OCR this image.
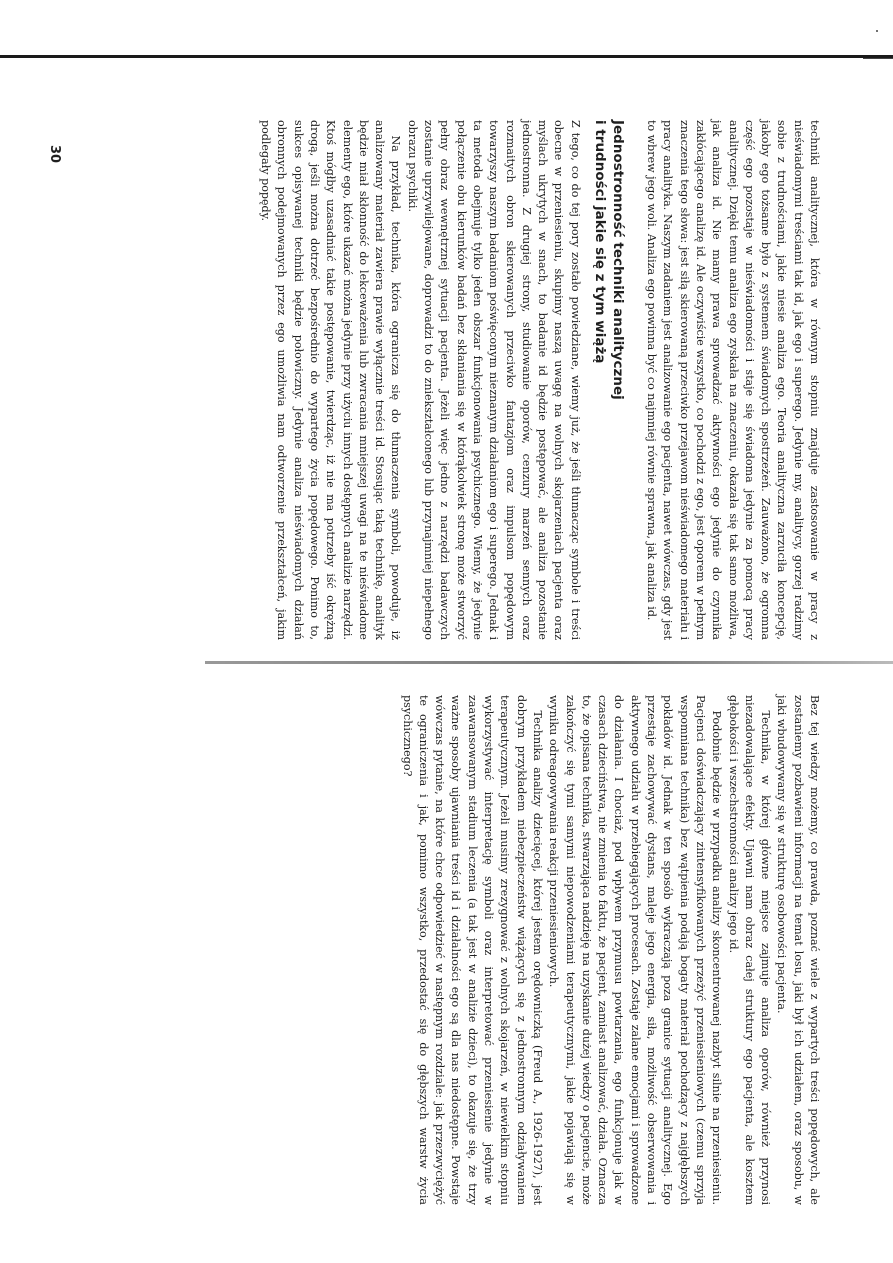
techniki analitycznej, która w równym stopniu znajduje zastosowanie w pracy z nieświadomymi treściami tak id, jak ego i superego. Jedynie my, analitycy, gorzej radzimy sobie z trudnościami, jakie niesie analiza ego. Teoria analityczna zarzuciła koncepcję, jakoby ego tożsame było z systemem świadomych spostrzeżeń. Zauważono, że ogromna część ego pozostaje w nieświadomości i staje się świadoma jedynie za pomocą pracy analitycznej. Dzięki temu analiza ego zyskała na znaczeniu, okazała się tak samo możliwa, jak analiza id. Nie mamy prawa sprowadzać aktywności ego jedynie do czynnika zakłócającego analizę id. Ale oczywiście wszystko, co pochodzi z ego, jest oporem w pełnym znaczenia tego słowa: jest siłą skierowaną przeciwko przejawom nieświadomego materiału i pracy analityka. Naszym zadaniem jest analizowanie ego pacjenta, nawet wówczas, gdy jest to wbrew jego woli. Analiza ego powinna być co najmniej równie sprawna, jak analiza id.

Jednostronność techniki analitycznej
i trudności jakie się z tym wiążą

Z tego, co do tej pory zostało powiedziane, wiemy już, że jeśli tłumacząc symbole i treści obecne w przeniesieniu, skupimy naszą uwagę na wolnych skojarzeniach pacjenta oraz myślach ukrytych w snach, to badanie id będzie postępować, ale analiza pozostanie jednostronna. Z drugiej strony, studiowanie oporów, cenzury marzeń sennych oraz rozmaitych obron skierowanych przeciwko fantazjom oraz impulsom popędowym towarzyszy naszym badaniom poświęconym nieznanym działaniom ego i superego. Jednak i ta metoda obejmuje tylko jeden obszar funkcjonowania psychicznego. Wiemy, że jedynie połączenie obu kierunków badań bez skłaniania się w którąkolwiek stronę może stworzyć pełny obraz wewnętrznej sytuacji pacjenta. Jeżeli więc jedno z narzędzi badawczych zostanie uprzywilejowane, doprowadzi to do zniekształconego lub przynajmniej niepełnego obrazu psychiki.

Na przykład, technika, która ogranicza się do tłumaczenia symboli, powoduje, iż analizowany materiał zawiera prawie wyłącznie treści id. Stosując taką technikę, analityk będzie miał skłonność do lekceważenia lub zwracania mniejszej uwagi na te nieświadome elementy ego, które ukazać można jedynie przy użyciu innych dostępnych analizie narzędzi. Ktoś mógłby uzasadniać takie postępowanie, twierdząc, iż nie ma potrzeby iść okrężną drogą, jeśli można dotrzeć bezpośrednio do wypartego życia popędowego. Ponimo to, sukces opisywanej techniki będzie połowiczny. Jedynie analiza nieświadomych działań obronnych podejmowanych przez ego umożliwia nam odtworzenie przekształceń, jakim podlegały popędy.

30

Bez tej wiedzy możemy, co prawda, poznać wiele z wypartych treści popędowych, ale zostaniemy pozbawieni informacji na temat losu, jaki był ich udziałem, oraz sposobu, w jaki wbudowywany się w strukturę osobowości pacjenta.

Technika, w której główne miejsce zajmuje analiza oporów, również przynosi niezadowalające efekty. Ujawni nam obraz całej struktury ego pacjenta, ale kosztem głębokości i wszechstronności analizy jego id.

Podobnie będzie w przypadku analizy skoncentrowanej nazbyt silnie na przeniesieniu. Pacjenci doświadczający zintensyfikowanych przeżyć przeniesieniowych (czemu sprzyja wspomniana technika) bez wątpienia podają bogaty materiał pochodzący z najgłębszych pokładów id. Jednak w ten sposób wykraczają poza granice sytuacji analitycznej. Ego przestaje zachowywać dystans, maleje jego energia, siła, możliwość obserwowania i aktywnego udziału w przebiegających procesach. Zostaje zalane emocjami i sprowadzone do działania. I chociaż, pod wpływem przymusu powtarzania, ego funkcjonuje jak w czasach dzieciństwa, nie zmienia to faktu, że pacjent, zamiast analizować, działa. Oznacza to, że opisana technika, stwarzająca nadzieję na uzyskanie dużej wiedzy o pacjencie, może zakończyć się tymi samymi niepowodzeniami terapeutycznymi, jakie pojawiają się w wyniku odreagowywania reakcji przeniesieniowych.

Technika analizy dziecięcej, której jestem orędowniczką (Freud A., 1926-1927), jest dobrym przykładem niebezpieczeństw wiążących się z jednostronnym odziaływaniem terapeutycznym. Jeżeli musimy zrezygnować z wolnych skojarzeń, w niewielkim stopniu wykorzystywać interpretację symboli oraz interpretować przeniesienie jedynie w zaawansowanym stadium leczenia (a tak jest w analizie dzieci), to okazuje się, że trzy ważne sposoby ujawniania treści id i działalności ego są dla nas niedostępne. Powstaje wówczas pytanie, na które chce odpowiedzieć w następnym rozdziale: jak przezwyciężyć te ograniczenia i jak, pomimo wszystko, przedostać się do głębszych warstw życia psychicznego?
